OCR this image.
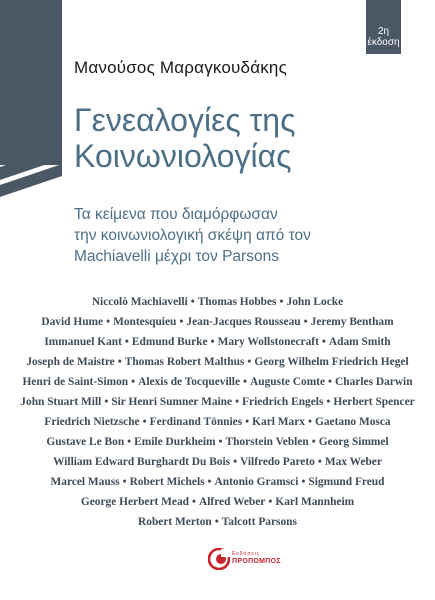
2η
έκδοση
Μανούσος Μαραγκουδάκης
Γενεαλογίες της
Κοινωνιολογίας
Τα κείμενα που διαμόρφωσαν
την κοινωνιολογική σκέψη από τον
Machiavelli μέχρι τον Parsons
Niccolò Machiavelli • Thomas Hobbes • John Locke
David Hume • Montesquieu • Jean-Jacques Rousseau • Jeremy Bentham
Immanuel Kant • Edmund Burke • Mary Wollstonecraft • Adam Smith
Joseph de Maistre • Thomas Robert Malthus • Georg Wilhelm Friedrich Hegel
Henri de Saint-Simon • Alexis de Tocqueville • Auguste Comte • Charles Darwin
John Stuart Mill • Sir Henri Sumner Maine • Friedrich Engels • Herbert Spencer
Friedrich Nietzsche • Ferdinand Tönnies • Karl Marx • Gaetano Mosca
Gustave Le Bon • Emile Durkheim • Thorstein Veblen • Georg Simmel
William Edward Burghardt Du Bois • Vilfredo Pareto • Max Weber
Marcel Mauss • Robert Michels • Antonio Gramsci • Sigmund Freud
George Herbert Mead • Alfred Weber • Karl Mannheim
Robert Merton • Talcott Parsons
Εκδόσεις
ΠΡΟΠΟΜΠΟΣ
